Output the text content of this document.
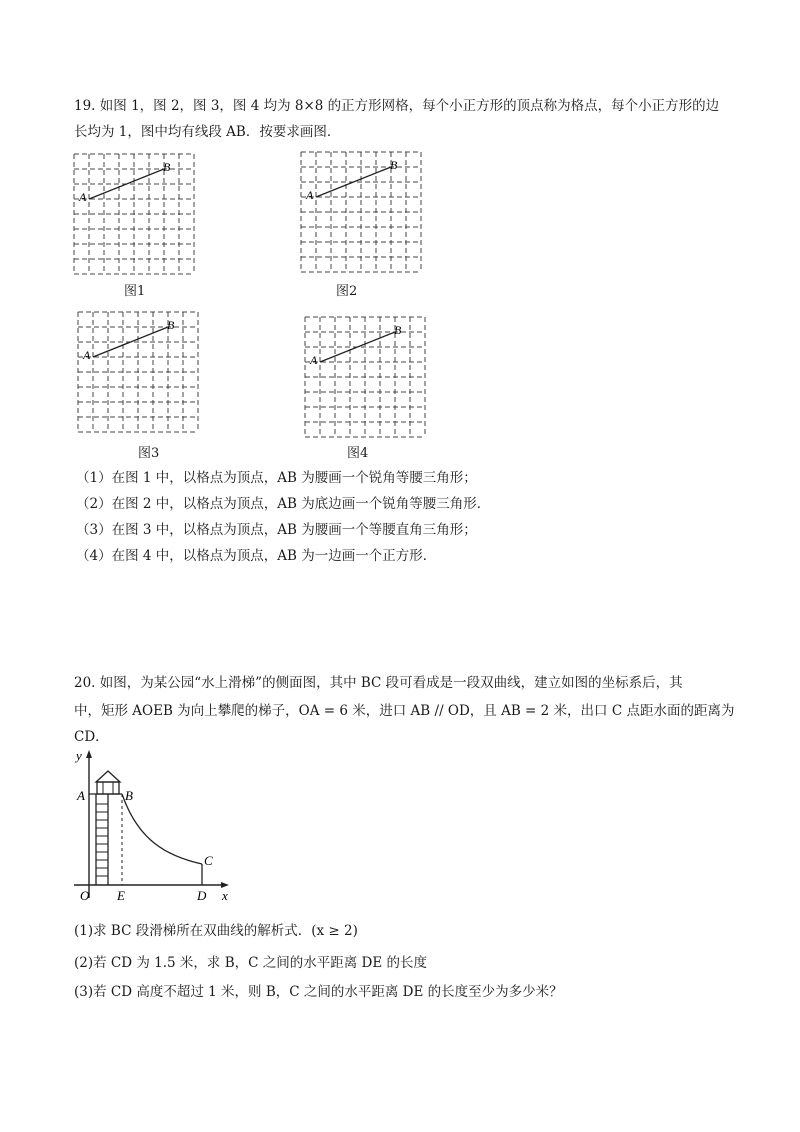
19. 如图 1，图 2，图 3，图 4 均为 8×8 的正方形网格，每个小正方形的顶点称为格点，每个小正方形的边
长均为 1，图中均有线段 AB．按要求画图．
A
B
A
B
A
B
A
B
图1	图2
图3	图4
（1）在图 1 中，以格点为顶点，AB 为腰画一个锐角等腰三角形；
（2）在图 2 中，以格点为顶点，AB 为底边画一个锐角等腰三角形．
（3）在图 3 中，以格点为顶点，AB 为腰画一个等腰直角三角形；
（4）在图 4 中，以格点为顶点，AB 为一边画一个正方形．
20. 如图，为某公园“水上滑梯”的侧面图，其中 BC 段可看成是一段双曲线，建立如图的坐标系后，其
中，矩形 AOEB 为向上攀爬的梯子，OA = 6 米，进口 AB // OD，且 AB = 2 米，出口 C 点距水面的距离为
CD．
y
A	B
C
O E	D x
(1)求 BC 段滑梯所在双曲线的解析式．(x ≥ 2)
(2)若 CD 为 1.5 米，求 B，C 之间的水平距离 DE 的长度
(3)若 CD 高度不超过 1 米，则 B，C 之间的水平距离 DE 的长度至少为多少米？
